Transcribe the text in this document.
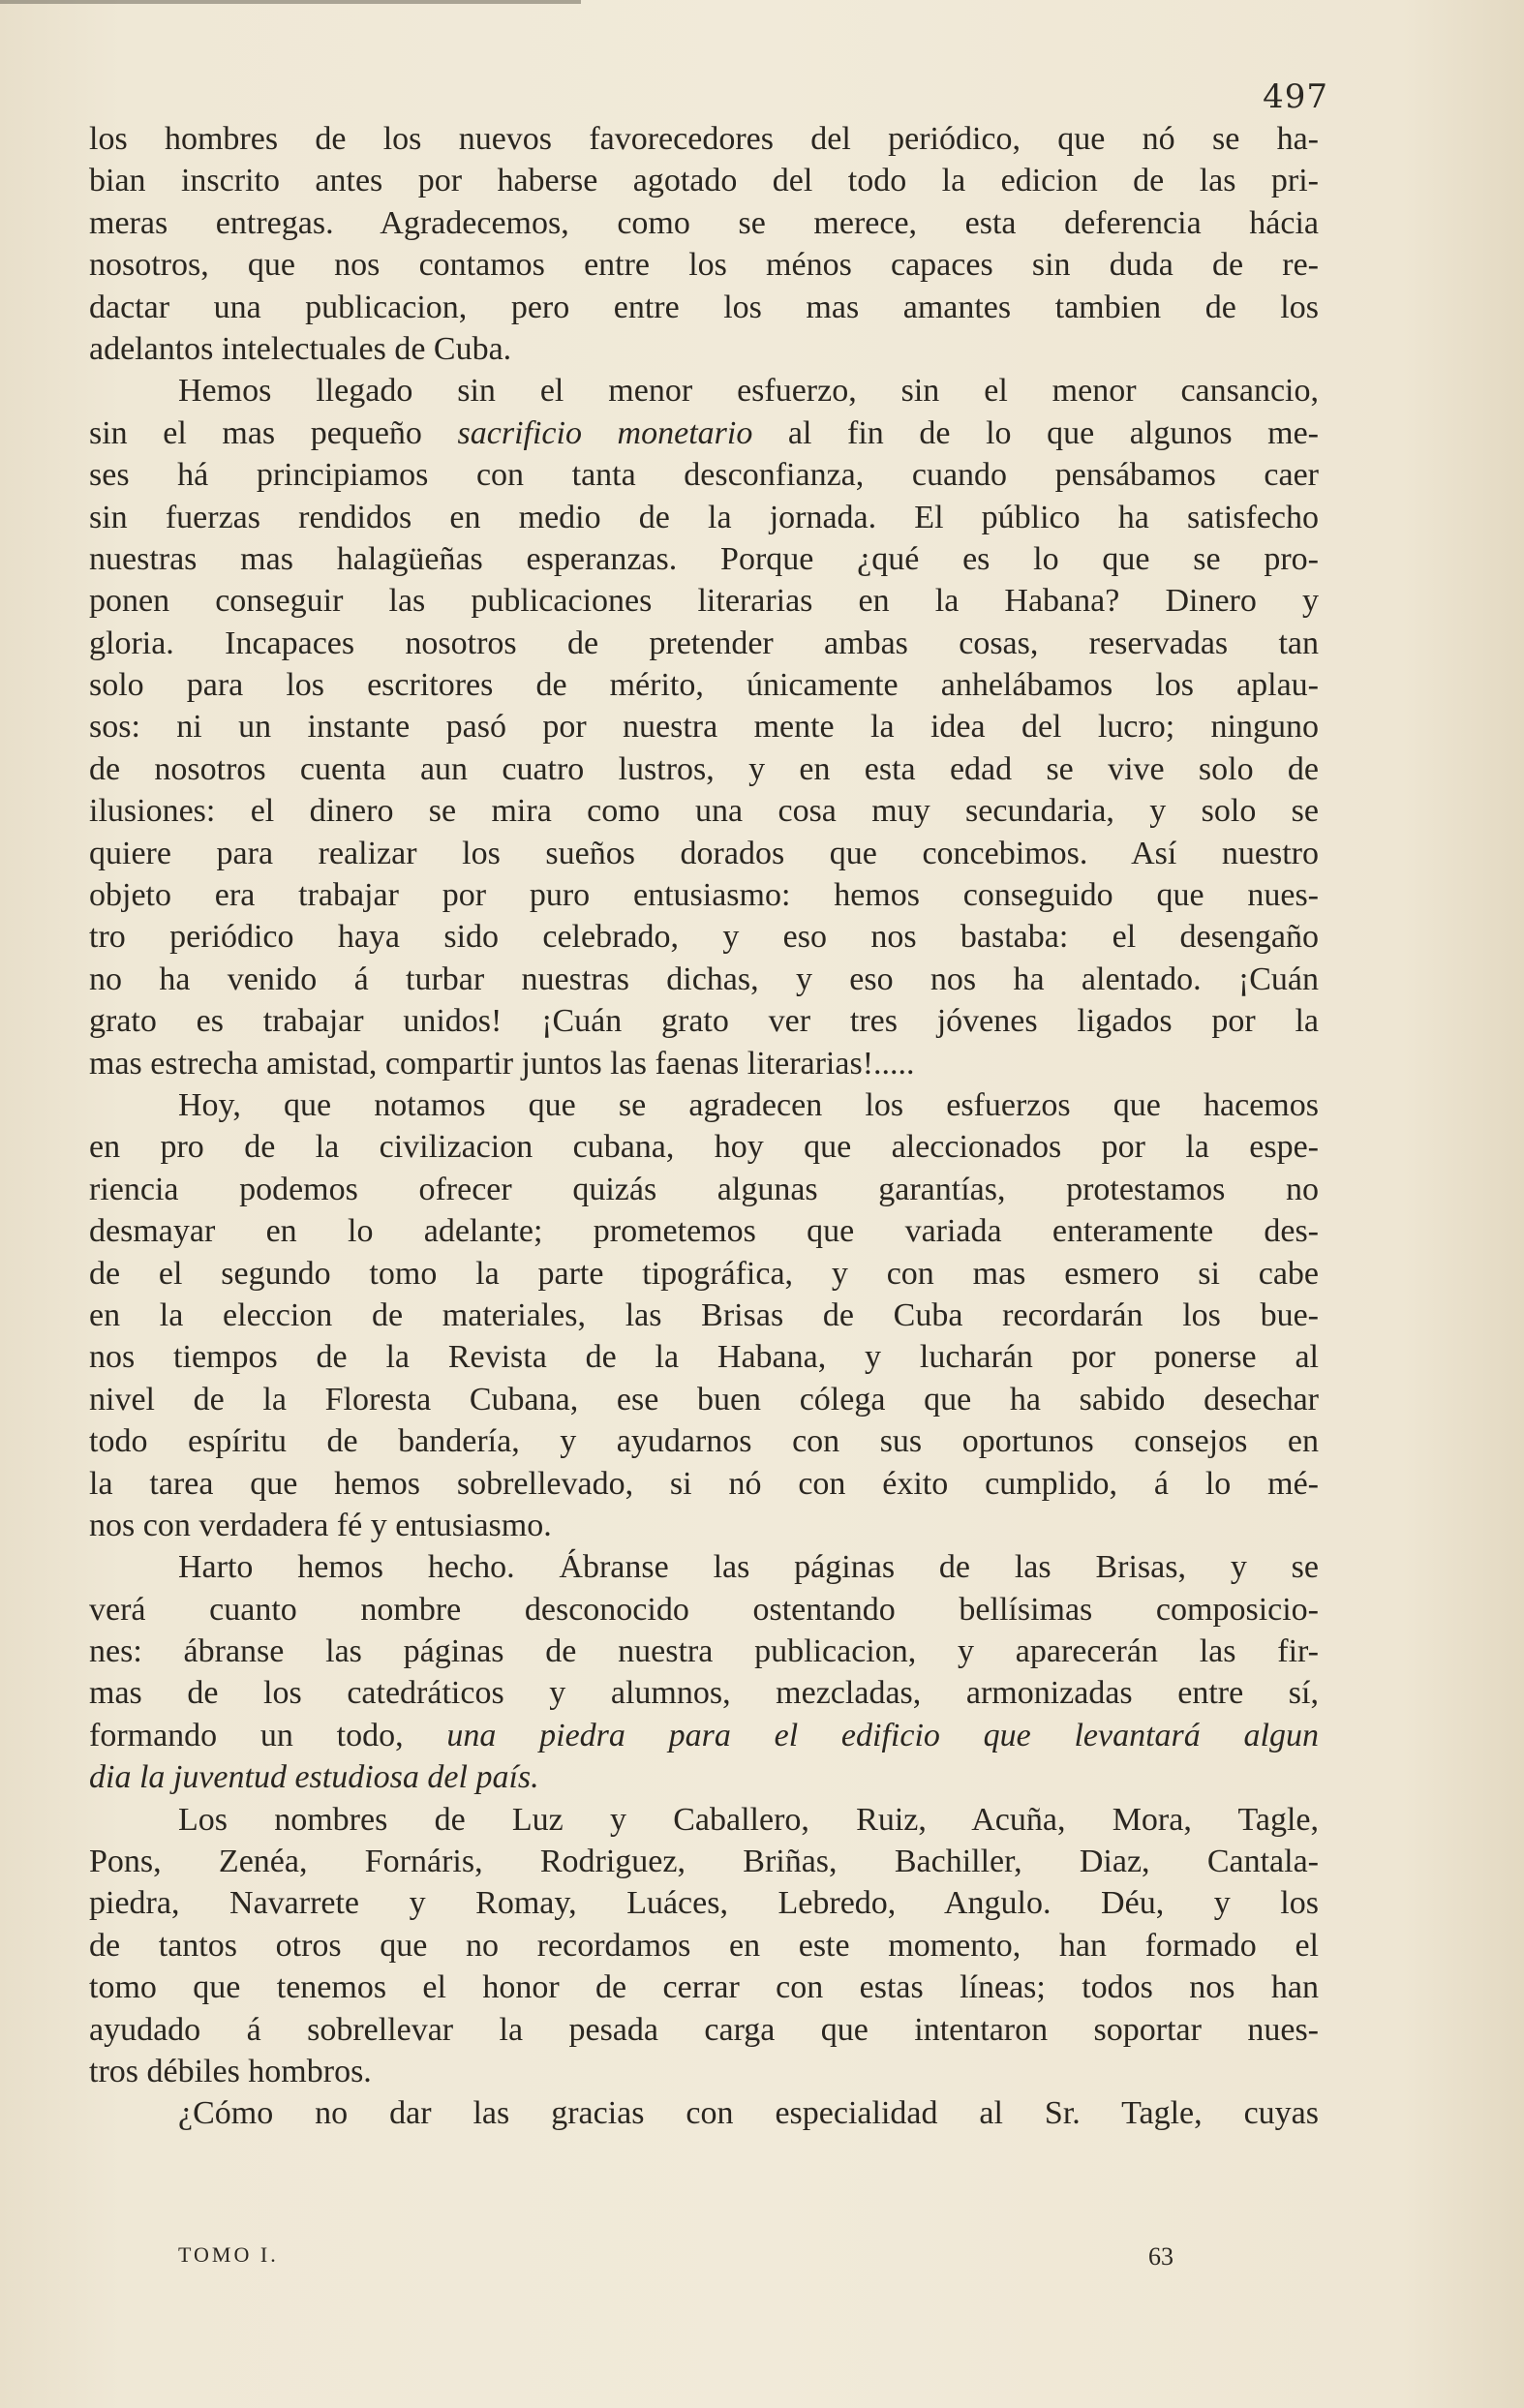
497
los hombres de los nuevos favorecedores del periódico, que nó se ha-
bian inscrito antes por haberse agotado del todo la edicion de las pri-
meras entregas. Agradecemos, como se merece, esta deferencia hácia
nosotros, que nos contamos entre los ménos capaces sin duda de re-
dactar una publicacion, pero entre los mas amantes tambien de los
adelantos intelectuales de Cuba.
Hemos llegado sin el menor esfuerzo, sin el menor cansancio,
sin el mas pequeño sacrificio monetario al fin de lo que algunos me-
ses há principiamos con tanta desconfianza, cuando pensábamos caer
sin fuerzas rendidos en medio de la jornada. El público ha satisfecho
nuestras mas halagüeñas esperanzas. Porque ¿qué es lo que se pro-
ponen conseguir las publicaciones literarias en la Habana? Dinero y
gloria. Incapaces nosotros de pretender ambas cosas, reservadas tan
solo para los escritores de mérito, únicamente anhelábamos los aplau-
sos: ni un instante pasó por nuestra mente la idea del lucro; ninguno
de nosotros cuenta aun cuatro lustros, y en esta edad se vive solo de
ilusiones: el dinero se mira como una cosa muy secundaria, y solo se
quiere para realizar los sueños dorados que concebimos. Así nuestro
objeto era trabajar por puro entusiasmo: hemos conseguido que nues-
tro periódico haya sido celebrado, y eso nos bastaba: el desengaño
no ha venido á turbar nuestras dichas, y eso nos ha alentado. ¡Cuán
grato es trabajar unidos! ¡Cuán grato ver tres jóvenes ligados por la
mas estrecha amistad, compartir juntos las faenas literarias!.....
Hoy, que notamos que se agradecen los esfuerzos que hacemos
en pro de la civilizacion cubana, hoy que aleccionados por la espe-
riencia podemos ofrecer quizás algunas garantías, protestamos no
desmayar en lo adelante; prometemos que variada enteramente des-
de el segundo tomo la parte tipográfica, y con mas esmero si cabe
en la eleccion de materiales, las Brisas de Cuba recordarán los bue-
nos tiempos de la Revista de la Habana, y lucharán por ponerse al
nivel de la Floresta Cubana, ese buen cólega que ha sabido desechar
todo espíritu de bandería, y ayudarnos con sus oportunos consejos en
la tarea que hemos sobrellevado, si nó con éxito cumplido, á lo mé-
nos con verdadera fé y entusiasmo.
Harto hemos hecho. Ábranse las páginas de las Brisas, y se
verá cuanto nombre desconocido ostentando bellísimas composicio-
nes: ábranse las páginas de nuestra publicacion, y aparecerán las fir-
mas de los catedráticos y alumnos, mezcladas, armonizadas entre sí,
formando un todo, una piedra para el edificio que levantará algun
dia la juventud estudiosa del país.
Los nombres de Luz y Caballero, Ruiz, Acuña, Mora, Tagle,
Pons, Zenéa, Fornáris, Rodriguez, Briñas, Bachiller, Diaz, Cantala-
piedra, Navarrete y Romay, Luáces, Lebredo, Angulo. Déu, y los
de tantos otros que no recordamos en este momento, han formado el
tomo que tenemos el honor de cerrar con estas líneas; todos nos han
ayudado á sobrellevar la pesada carga que intentaron soportar nues-
tros débiles hombros.
¿Cómo no dar las gracias con especialidad al Sr. Tagle, cuyas
TOMO I.	63
